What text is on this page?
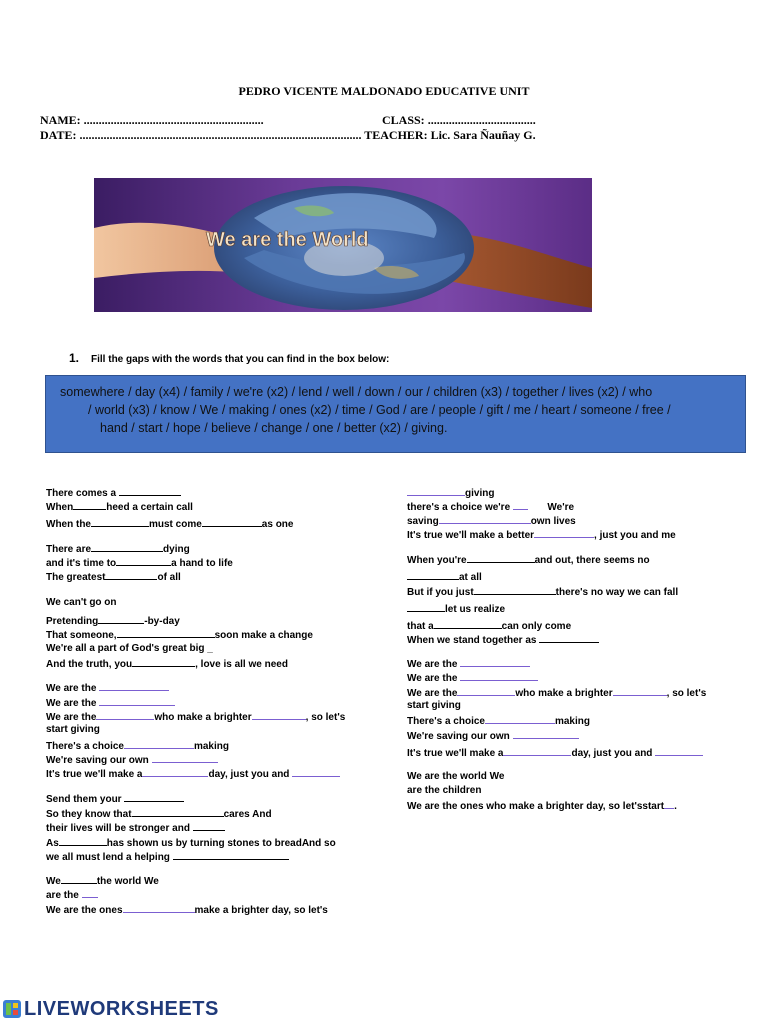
PEDRO VICENTE MALDONADO EDUCATIVE UNIT
NAME: ............................................................	CLASS: ....................................
DATE: .............................................................................................. TEACHER: Lic. Sara Ñauñay G.
We are the World
1. Fill the gaps with the words that you can find in the box below:
somewhere / day (x4) / family / we're (x2) / lend / well / down / our / children (x3) / together / lives (x2) / who
/ world (x3) / know / We / making / ones (x2) / time / God / are / people / gift / me / heart / someone / free /
hand / start / hope / believe / change / one / better (x2) / giving.
There comes a
When	heed a certain call
When the	must come	as one
There are	dying
and it's time to	a hand to life
The greatest	of all
We can't go on
Pretending	-by-day
That someone,	soon make a change
We're all a part of God's great big _
And the truth, you	, love is all we need
We are the
We are the
We are the	who make a brighter	, so let's
start giving
There's a choice	making
We're saving our own
It's true we'll make a	day, just you and
Send them your
So they know that	cares And
their lives will be stronger and
As	has shown us by turning stones to breadAnd so
we all must lend a helping
We	the world We
are the
We are the ones	make a brighter day, so let's
giving
there's a choice we're	We're
saving	own lives
It's true we'll make a better	, just you and me
When you're	and out, there seems no
at all
But if you just	there's no way we can fall
let us realize
that a	can only come
When we stand together as
We are the
We are the
We are the	who make a brighter	, so let's
start giving
There's a choice	making
We're saving our own
It's true we'll make a	day, just you and
We are the world We
are the children
We are the ones who make a brighter day, so let'sstart .
LIVEWORKSHEETS
